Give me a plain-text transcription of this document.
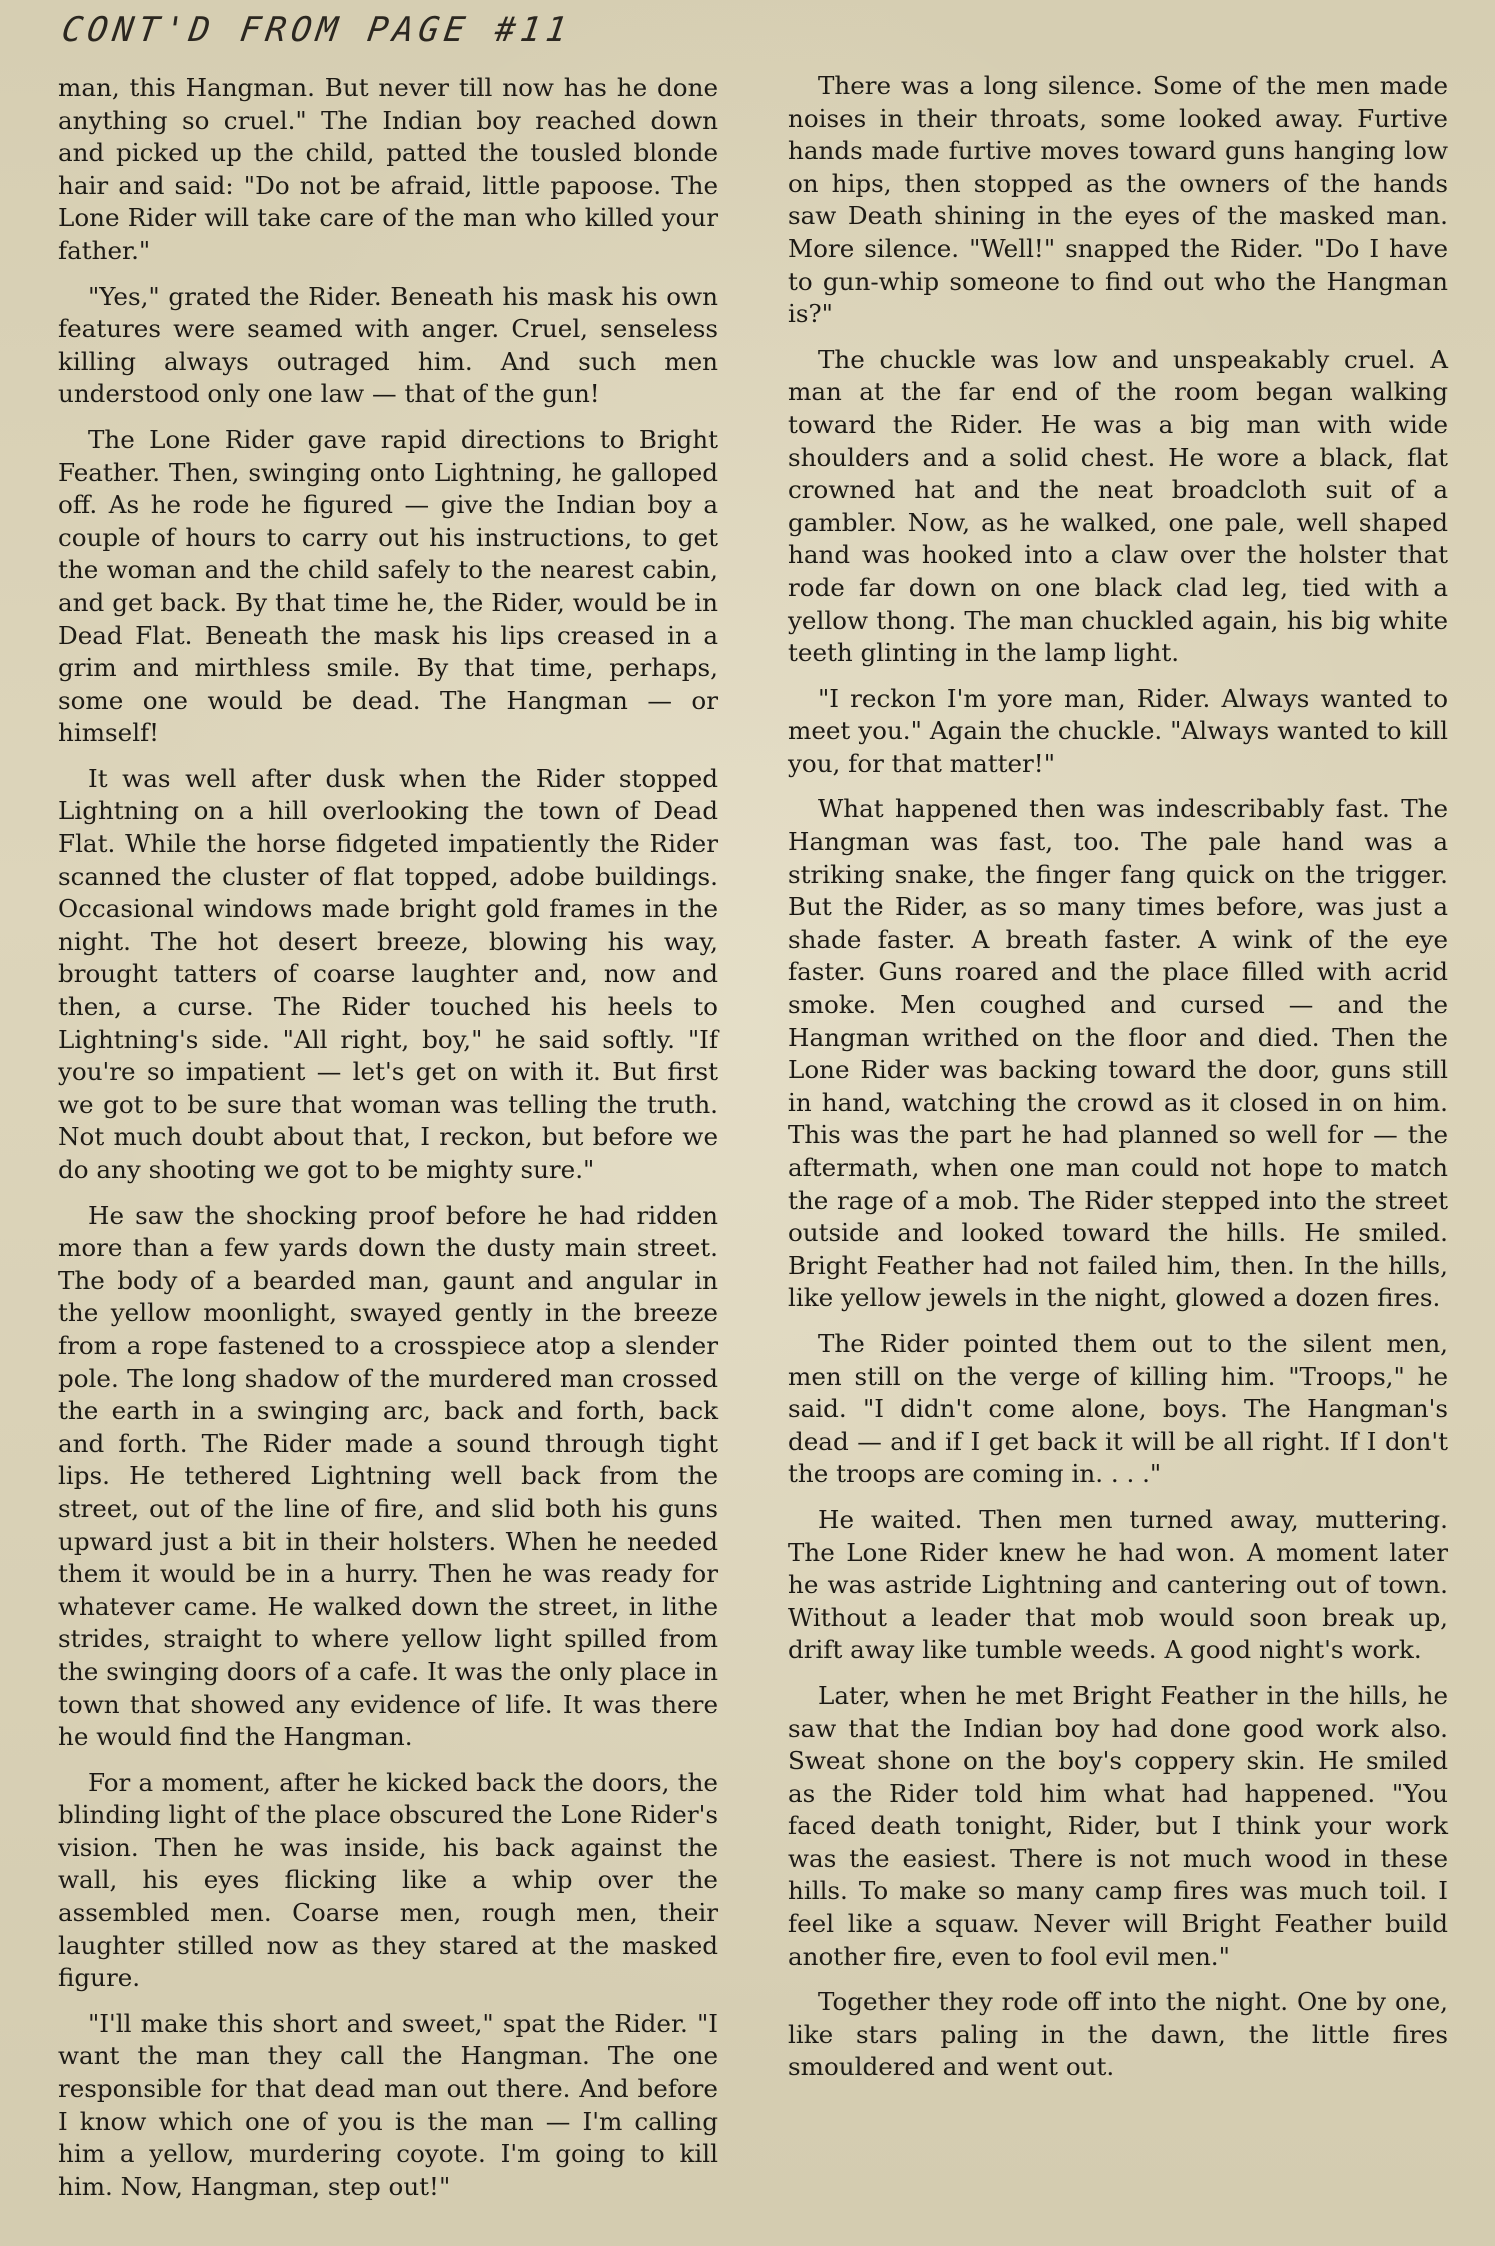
CONT'D FROM PAGE #11

man, this Hangman. But never till now has he done anything so cruel." The Indian boy reached down and picked up the child, patted the tousled blonde hair and said: "Do not be afraid, little papoose. The Lone Rider will take care of the man who killed your father."

"Yes," grated the Rider. Beneath his mask his own features were seamed with anger. Cruel, senseless killing always outraged him. And such men understood only one law — that of the gun!

The Lone Rider gave rapid directions to Bright Feather. Then, swinging onto Lightning, he galloped off. As he rode he figured — give the Indian boy a couple of hours to carry out his instructions, to get the woman and the child safely to the nearest cabin, and get back. By that time he, the Rider, would be in Dead Flat. Beneath the mask his lips creased in a grim and mirthless smile. By that time, perhaps, some one would be dead. The Hangman — or himself!

It was well after dusk when the Rider stopped Lightning on a hill overlooking the town of Dead Flat. While the horse fidgeted impatiently the Rider scanned the cluster of flat topped, adobe buildings. Occasional windows made bright gold frames in the night. The hot desert breeze, blowing his way, brought tatters of coarse laughter and, now and then, a curse. The Rider touched his heels to Lightning's side. "All right, boy," he said softly. "If you're so impatient — let's get on with it. But first we got to be sure that woman was telling the truth. Not much doubt about that, I reckon, but before we do any shooting we got to be mighty sure."

He saw the shocking proof before he had ridden more than a few yards down the dusty main street. The body of a bearded man, gaunt and angular in the yellow moonlight, swayed gently in the breeze from a rope fastened to a crosspiece atop a slender pole. The long shadow of the murdered man crossed the earth in a swinging arc, back and forth, back and forth. The Rider made a sound through tight lips. He tethered Lightning well back from the street, out of the line of fire, and slid both his guns upward just a bit in their holsters. When he needed them it would be in a hurry. Then he was ready for whatever came. He walked down the street, in lithe strides, straight to where yellow light spilled from the swinging doors of a cafe. It was the only place in town that showed any evidence of life. It was there he would find the Hangman.

For a moment, after he kicked back the doors, the blinding light of the place obscured the Lone Rider's vision. Then he was inside, his back against the wall, his eyes flicking like a whip over the assembled men. Coarse men, rough men, their laughter stilled now as they stared at the masked figure.

"I'll make this short and sweet," spat the Rider. "I want the man they call the Hangman. The one responsible for that dead man out there. And before I know which one of you is the man — I'm calling him a yellow, murdering coyote. I'm going to kill him. Now, Hangman, step out!"

There was a long silence. Some of the men made noises in their throats, some looked away. Furtive hands made furtive moves toward guns hanging low on hips, then stopped as the owners of the hands saw Death shining in the eyes of the masked man. More silence. "Well!" snapped the Rider. "Do I have to gun-whip someone to find out who the Hangman is?"

The chuckle was low and unspeakably cruel. A man at the far end of the room began walking toward the Rider. He was a big man with wide shoulders and a solid chest. He wore a black, flat crowned hat and the neat broadcloth suit of a gambler. Now, as he walked, one pale, well shaped hand was hooked into a claw over the holster that rode far down on one black clad leg, tied with a yellow thong. The man chuckled again, his big white teeth glinting in the lamp light.

"I reckon I'm yore man, Rider. Always wanted to meet you." Again the chuckle. "Always wanted to kill you, for that matter!"

What happened then was indescribably fast. The Hangman was fast, too. The pale hand was a striking snake, the finger fang quick on the trigger. But the Rider, as so many times before, was just a shade faster. A breath faster. A wink of the eye faster. Guns roared and the place filled with acrid smoke. Men coughed and cursed — and the Hangman writhed on the floor and died. Then the Lone Rider was backing toward the door, guns still in hand, watching the crowd as it closed in on him. This was the part he had planned so well for — the aftermath, when one man could not hope to match the rage of a mob. The Rider stepped into the street outside and looked toward the hills. He smiled. Bright Feather had not failed him, then. In the hills, like yellow jewels in the night, glowed a dozen fires.

The Rider pointed them out to the silent men, men still on the verge of killing him. "Troops," he said. "I didn't come alone, boys. The Hangman's dead — and if I get back it will be all right. If I don't the troops are coming in. . . ."

He waited. Then men turned away, muttering. The Lone Rider knew he had won. A moment later he was astride Lightning and cantering out of town. Without a leader that mob would soon break up, drift away like tumble weeds. A good night's work.

Later, when he met Bright Feather in the hills, he saw that the Indian boy had done good work also. Sweat shone on the boy's coppery skin. He smiled as the Rider told him what had happened. "You faced death tonight, Rider, but I think your work was the easiest. There is not much wood in these hills. To make so many camp fires was much toil. I feel like a squaw. Never will Bright Feather build another fire, even to fool evil men."

Together they rode off into the night. One by one, like stars paling in the dawn, the little fires smouldered and went out.
